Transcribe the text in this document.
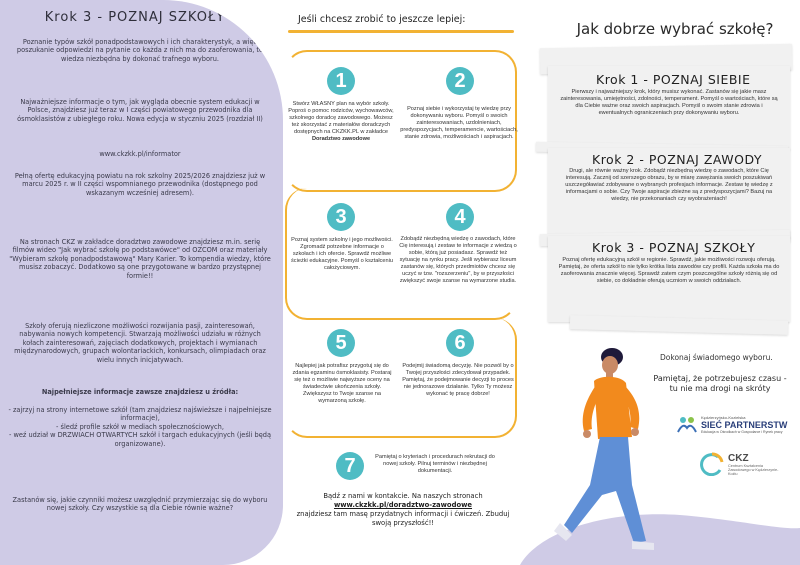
Krok 3 - POZNAJ SZKOŁY
Poznanie typów szkół ponadpodstawowych i ich charakterystyk, a więc poszukanie odpowiedzi na pytanie co każda z nich ma do zaoferowania, to wiedza niezbędna by dokonać trafnego wyboru.
Najważniejsze informacje o tym, jak wygląda obecnie system edukacji w Polsce, znajdziesz już teraz w I części powiatowego przewodnika dla ósmoklasistów z ubiegłego roku. Nowa edycja w styczniu 2025 (rozdział II)
www.ckzkk.pl/informator
Pełną ofertę edukacyjną powiatu na rok szkolny 2025/2026 znajdziesz już w marcu 2025 r. w II części wspomnianego przewodnika (dostępnego pod wskazanym wcześniej adresem).
Na stronach CKZ w zakładce doradztwo zawodowe znajdziesz m.in. serię filmów wideo "Jak wybrać szkołę po podstawówce" od OZCOM oraz materiały "Wybieram szkołę ponadpodstawową" Mary Karier. To kompendia wiedzy, które musisz zobaczyć. Dodatkowo są one przygotowane w bardzo przystępnej formie!!
Szkoły oferują niezliczone możliwości rozwijania pasji, zainteresowań, nabywania nowych kompetencji. Stwarzają możliwości udziału w różnych kołach zainteresowań, zajęciach dodatkowych, projektach i wymianach międzynarodowych, grupach wolontariackich, konkursach, olimpiadach oraz wielu innych inicjatywach.
Najpełniejsze informacje zawsze znajdziesz u źródła:
- zajrzyj na strony internetowe szkół (tam znajdziesz najświeższe i najpełniejsze informacje),
- śledź profile szkół w mediach społecznościowych,
- weź udział w DRZWIACH OTWARTYCH szkół i targach edukacyjnych (jeśli będą organizowane).
Zastanów się, jakie czynniki możesz uwzględnić przymierzając się do wyboru nowej szkoły. Czy wszystkie są dla Ciebie równie ważne?
Jeśli chcesz zrobić to jeszcze lepiej:
1
Stwórz WŁASNY plan na wybór szkoły. Poproś o pomoc rodziców, wychowawców, szkolnego doradcę zawodowego. Możesz też skorzystać z materiałów doradczych dostępnych na CKZKK.PL w zakładce
Doradztwo zawodowe
2
Poznaj siebie i wykorzystaj tę wiedzę przy dokonywaniu wyboru. Pomyśl o swoich zainteresowaniach, uzdolnieniach, predyspozycjach, temperamencie, wartościach, stanie zdrowia, możliwościach i aspiracjach.
3
Poznaj system szkolny i jego możliwości. Zgromadź potrzebne informacje o szkołach i ich ofercie. Sprawdź możliwe ścieżki edukacyjne. Pomyśl o kształceniu całożyciowym.
4
Zdobądź niezbędną wiedzę o zawodach, które Cię interesują i zestaw te informacje z wiedzą o sobie, którą już posiadasz. Sprawdź też sytuację na rynku pracy. Jeśli wybierasz liceum zastanów się, których przedmiotów chcesz się uczyć w tzw. "rozszerzeniu", by w przyszłości zwiększyć swoje szanse na wymarzone studia.
5
Najlepiej jak potrafisz przygotuj się do zdania egzaminu ósmoklasisty. Postaraj się też o możliwie najwyższe oceny na świadectwie ukończenia szkoły. Zwiększysz to Twoje szanse na wymarzoną szkołę.
6
Podejmij świadomą decyzję. Nie pozwól by o Twojej przyszłości zdecydował przypadek. Pamiętaj, że podejmowanie decyzji to proces nie jednorazowe działanie. Tylko Ty możesz wykonać tę pracę dobrze!
7	Pamiętaj o kryteriach i procedurach rekrutacji do nowej szkoły. Pilnuj terminów i niezbędnej dokumentacji.
Bądź z nami w kontakcie. Na naszych stronach
www.ckzkk.pl/doradztwo-zawodowe
znajdziesz tam masę przydatnych informacji i ćwiczeń. Zbuduj swoją przyszłość!!
Jak dobrze wybrać szkołę?
Krok 1 - POZNAJ SIEBIE
Pierwszy i najważniejszy krok, który musisz wykonać. Zastanów się jakie masz zainteresowania, umiejętności, zdolności, temperament. Pomyśl o wartościach, które są dla Ciebie ważne oraz swoich aspiracjach. Pomyśl o swoim stanie zdrowia i ewentualnych ograniczeniach przy dokonywaniu wyboru.
Krok 2 - POZNAJ ZAWODY
Drugi, ale równie ważny krok. Zdobądź niezbędną wiedzę o zawodach, które Cię interesują. Zacznij od szerszego obrazu, by w miarę zawężania swoich poszukiwań uszczegóławiać zdobywane o wybranych profesjach informacje. Zestaw tę wiedzę z informacjami o sobie. Czy Twoje aspiracje zbieżne są z predyspozycjami? Bazuj na wiedzy, nie przekonaniach czy wyobrażeniach!
Krok 3 - POZNAJ SZKOŁY
Poznaj ofertę edukacyjną szkół w regionie. Sprawdź, jakie możliwości rozwoju oferują. Pamiętaj, że oferta szkół to nie tylko krótka lista zawodów czy profili. Każda szkoła ma do zaoferowania znacznie więcej. Sprawdź zatem czym poszczególne szkoły różnią się od siebie, co dokładnie oferują uczniom w swoich oddziałach.
Dokonaj świadomego wyboru.
Pamiętaj, że potrzebujesz czasu - tu nie ma drogi na skróty
Kędzierzyńsko-Kozielska
SIEĆ PARTNERSTW
Edukacja w Ośrodkach w Gospodarce i Rynek pracy
CKZ
Centrum Kształcenia Zawodowego w Kędzierzynie-Koźlu
